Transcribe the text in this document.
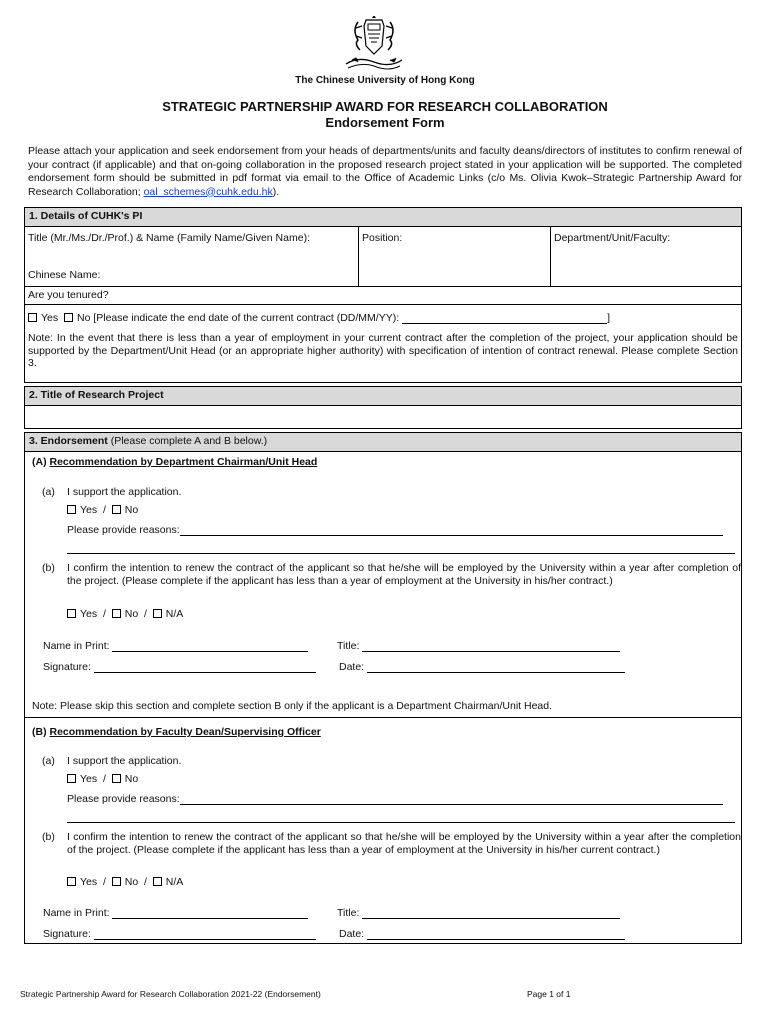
The Chinese University of Hong Kong
STRATEGIC PARTNERSHIP AWARD FOR RESEARCH COLLABORATION
Endorsement Form
Please attach your application and seek endorsement from your heads of departments/units and faculty deans/directors of institutes to confirm renewal of your contract (if applicable) and that on-going collaboration in the proposed research project stated in your application will be supported. The completed endorsement form should be submitted in pdf format via email to the Office of Academic Links (c/o Ms. Olivia Kwok–Strategic Partnership Award for Research Collaboration; oal_schemes@cuhk.edu.hk).
1. Details of CUHK's PI
Title (Mr./Ms./Dr./Prof.) & Name (Family Name/Given Name):	Position:	Department/Unit/Faculty:
Chinese Name:
Are you tenured?
Yes No [Please indicate the end date of the current contract (DD/MM/YY):	]
Note: In the event that there is less than a year of employment in your current contract after the completion of the project, your application should be supported by the Department/Unit Head (or an appropriate higher authority) with specification of intention of contract renewal. Please complete Section 3.
2. Title of Research Project
3. Endorsement (Please complete A and B below.)
(A) Recommendation by Department Chairman/Unit Head
(a) I support the application.
Yes / No
Please provide reasons:
(b) I confirm the intention to renew the contract of the applicant so that he/she will be employed by the University within a year after completion of the project. (Please complete if the applicant has less than a year of employment at the University in his/her contract.)
Yes / No / N/A
Name in Print:	Title:
Signature:	Date:
Note: Please skip this section and complete section B only if the applicant is a Department Chairman/Unit Head.
(B) Recommendation by Faculty Dean/Supervising Officer
(a) I support the application.
Yes / No
Please provide reasons:
(b) I confirm the intention to renew the contract of the applicant so that he/she will be employed by the University within a year after the completion of the project. (Please complete if the applicant has less than a year of employment at the University in his/her current contract.)
Yes / No / N/A
Name in Print:	Title:
Signature:	Date:
Strategic Partnership Award for Research Collaboration 2021-22 (Endorsement)	Page 1 of 1
